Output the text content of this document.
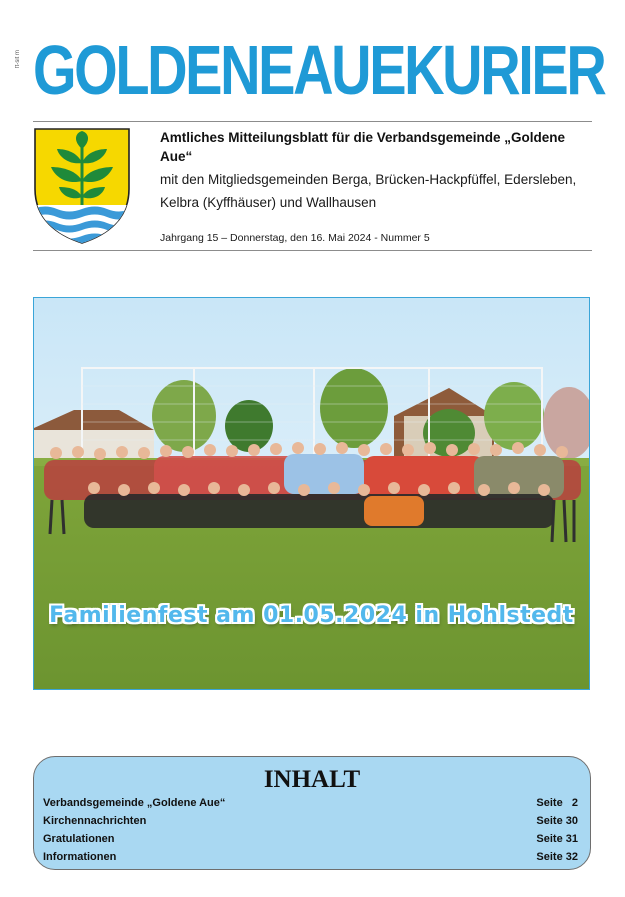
ft-sit m GOLDENEAUEKURIER
Amtliches Mitteilungsblatt für die Verbandsgemeinde „Goldene Aue“
mit den Mitgliedsgemeinden Berga, Brücken-Hackpfüffel, Edersleben,
Kelbra (Kyffhäuser) und Wallhausen
Jahrgang 15 – Donnerstag, den 16. Mai 2024 - Nummer 5
Familienfest am 01.05.2024 in Hohlstedt
INHALT
Verbandsgemeinde „Goldene Aue“	Seite   2
Kirchennachrichten	Seite 30
Gratulationen	Seite 31
Informationen	Seite 32
